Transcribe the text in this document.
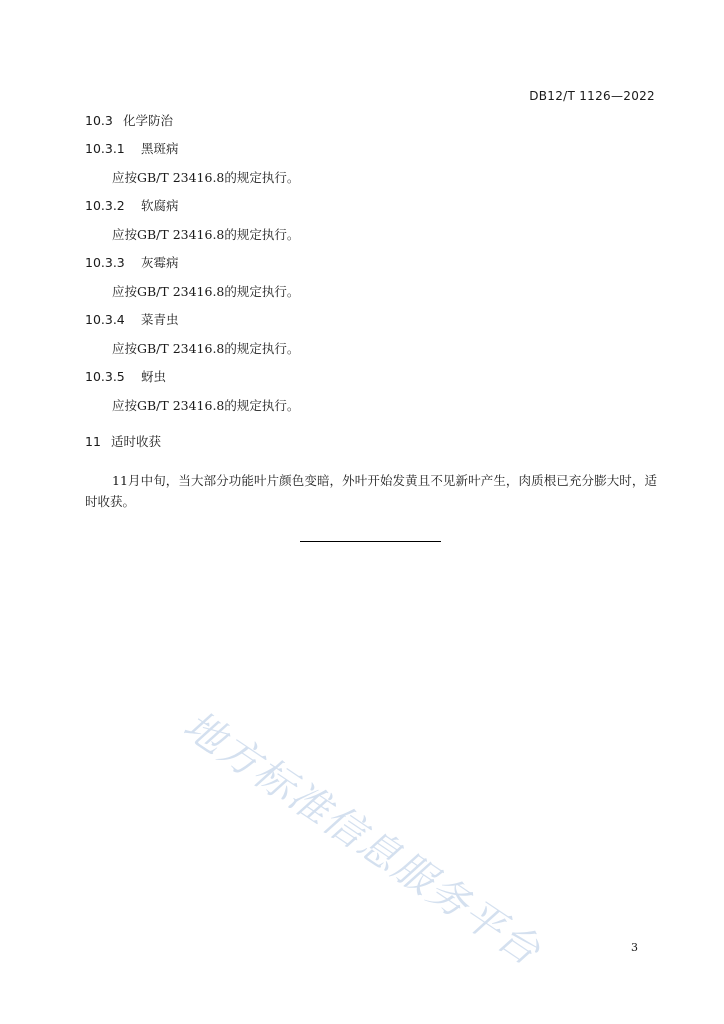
DB12/T 1126—2022
10.3 化学防治
10.3.1 黑斑病
应按GB/T 23416.8的规定执行。
10.3.2 软腐病
应按GB/T 23416.8的规定执行。
10.3.3 灰霉病
应按GB/T 23416.8的规定执行。
10.3.4 菜青虫
应按GB/T 23416.8的规定执行。
10.3.5 蚜虫
应按GB/T 23416.8的规定执行。
11 适时收获
11月中旬，当大部分功能叶片颜色变暗，外叶开始发黄且不见新叶产生，肉质根已充分膨大时，适时收获。
地方标准信息服务平台	3
